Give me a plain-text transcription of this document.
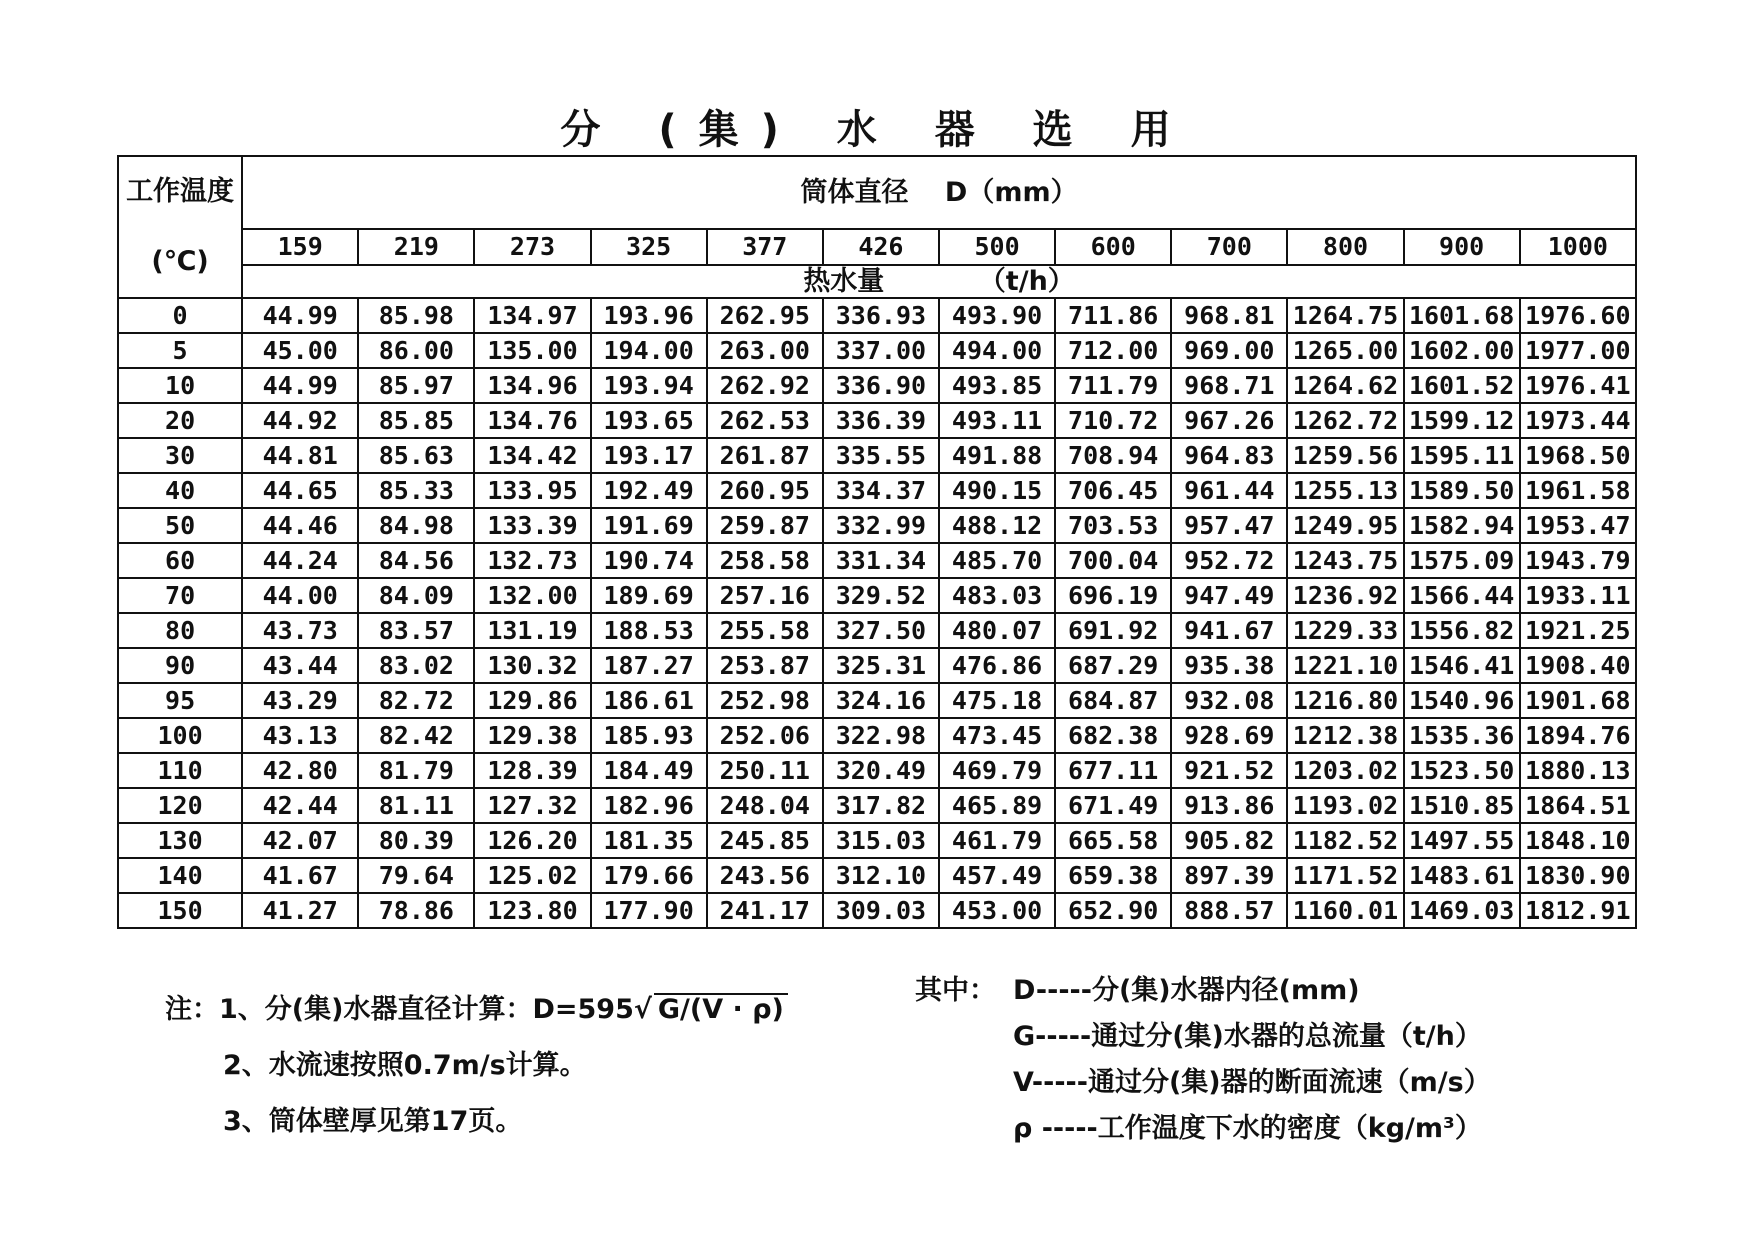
分 (集) 水 器 选 用
工作温度
(℃)	筒体直径　 D（mm）											
	159	219	273	325	377	426	500	600	700	800	900	1000
	热水量　　　　（t/h）											
0	44.99	85.98	134.97	193.96	262.95	336.93	493.90	711.86	968.81	1264.75	1601.68	1976.60
5	45.00	86.00	135.00	194.00	263.00	337.00	494.00	712.00	969.00	1265.00	1602.00	1977.00
10	44.99	85.97	134.96	193.94	262.92	336.90	493.85	711.79	968.71	1264.62	1601.52	1976.41
20	44.92	85.85	134.76	193.65	262.53	336.39	493.11	710.72	967.26	1262.72	1599.12	1973.44
30	44.81	85.63	134.42	193.17	261.87	335.55	491.88	708.94	964.83	1259.56	1595.11	1968.50
40	44.65	85.33	133.95	192.49	260.95	334.37	490.15	706.45	961.44	1255.13	1589.50	1961.58
50	44.46	84.98	133.39	191.69	259.87	332.99	488.12	703.53	957.47	1249.95	1582.94	1953.47
60	44.24	84.56	132.73	190.74	258.58	331.34	485.70	700.04	952.72	1243.75	1575.09	1943.79
70	44.00	84.09	132.00	189.69	257.16	329.52	483.03	696.19	947.49	1236.92	1566.44	1933.11
80	43.73	83.57	131.19	188.53	255.58	327.50	480.07	691.92	941.67	1229.33	1556.82	1921.25
90	43.44	83.02	130.32	187.27	253.87	325.31	476.86	687.29	935.38	1221.10	1546.41	1908.40
95	43.29	82.72	129.86	186.61	252.98	324.16	475.18	684.87	932.08	1216.80	1540.96	1901.68
100	43.13	82.42	129.38	185.93	252.06	322.98	473.45	682.38	928.69	1212.38	1535.36	1894.76
110	42.80	81.79	128.39	184.49	250.11	320.49	469.79	677.11	921.52	1203.02	1523.50	1880.13
120	42.44	81.11	127.32	182.96	248.04	317.82	465.89	671.49	913.86	1193.02	1510.85	1864.51
130	42.07	80.39	126.20	181.35	245.85	315.03	461.79	665.58	905.82	1182.52	1497.55	1848.10
140	41.67	79.64	125.02	179.66	243.56	312.10	457.49	659.38	897.39	1171.52	1483.61	1830.90
150	41.27	78.86	123.80	177.90	241.17	309.03	453.00	652.90	888.57	1160.01	1469.03	1812.91
注：1、分(集)水器直径计算：D=595√ G/(V · ρ)
2、水流速按照0.7m/s计算。
3、筒体壁厚见第17页。
其中： D-----分(集)水器内径(mm)
G-----通过分(集)水器的总流量（t/h）
V-----通过分(集)器的断面流速（m/s）
ρ -----工作温度下水的密度（kg/m³）
